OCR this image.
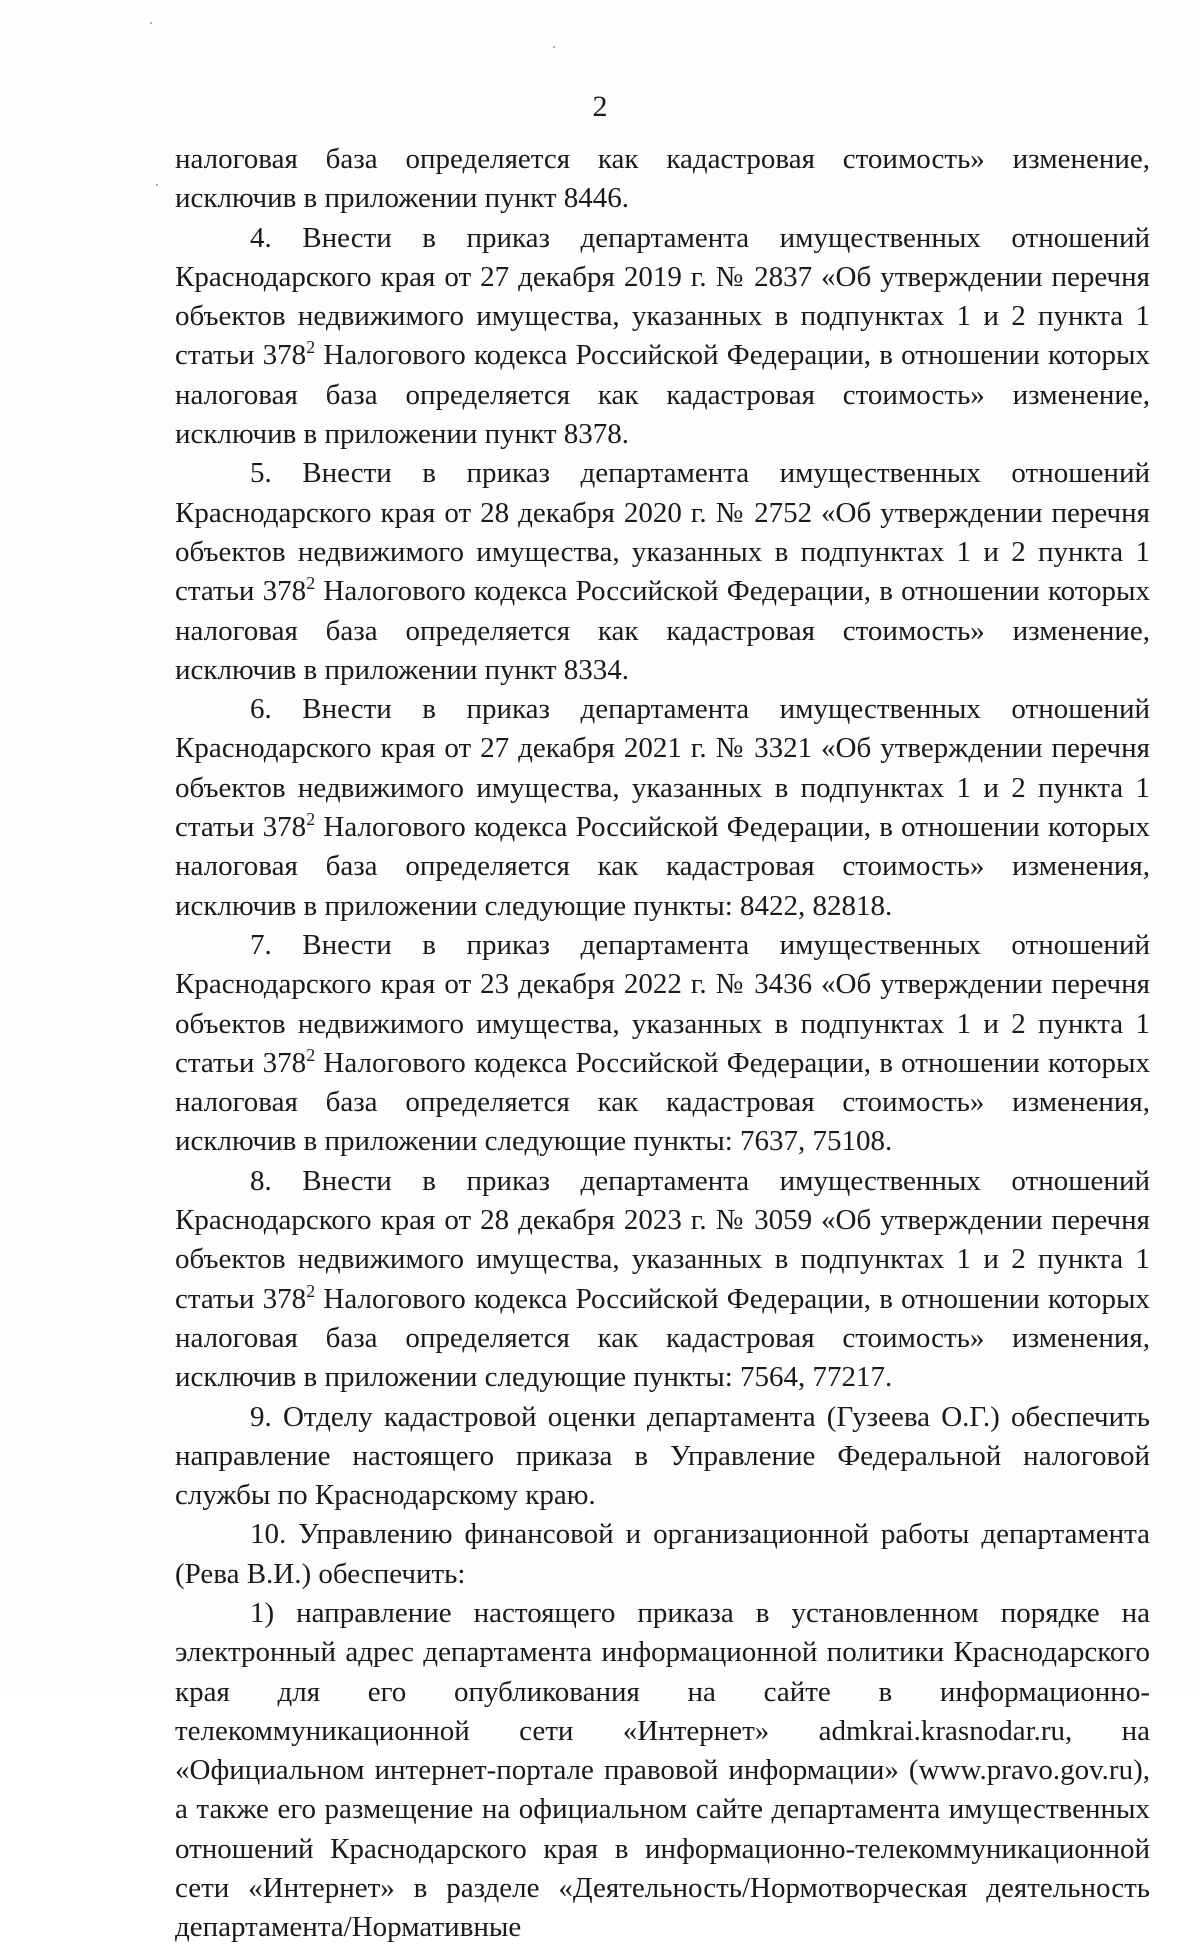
2

налоговая база определяется как кадастровая стоимость» изменение, исключив в приложении пункт 8446.

4. Внести в приказ департамента имущественных отношений Краснодарского края от 27 декабря 2019 г. № 2837 «Об утверждении перечня объектов недвижимого имущества, указанных в подпунктах 1 и 2 пункта 1 статьи $378^2$ Налогового кодекса Российской Федерации, в отношении которых налоговая база определяется как кадастровая стоимость» изменение, исключив в приложении пункт 8378.

5. Внести в приказ департамента имущественных отношений Краснодарского края от 28 декабря 2020 г. № 2752 «Об утверждении перечня объектов недвижимого имущества, указанных в подпунктах 1 и 2 пункта 1 статьи $378^2$ Налогового кодекса Российской Федерации, в отношении которых налоговая база определяется как кадастровая стоимость» изменение, исключив в приложении пункт 8334.

6. Внести в приказ департамента имущественных отношений Краснодарского края от 27 декабря 2021 г. № 3321 «Об утверждении перечня объектов недвижимого имущества, указанных в подпунктах 1 и 2 пункта 1 статьи $378^2$ Налогового кодекса Российской Федерации, в отношении которых налоговая база определяется как кадастровая стоимость» изменения, исключив в приложении следующие пункты: 8422, 82818.

7. Внести в приказ департамента имущественных отношений Краснодарского края от 23 декабря 2022 г. № 3436 «Об утверждении перечня объектов недвижимого имущества, указанных в подпунктах 1 и 2 пункта 1 статьи $378^2$ Налогового кодекса Российской Федерации, в отношении которых налоговая база определяется как кадастровая стоимость» изменения, исключив в приложении следующие пункты: 7637, 75108.

8. Внести в приказ департамента имущественных отношений Краснодарского края от 28 декабря 2023 г. № 3059 «Об утверждении перечня объектов недвижимого имущества, указанных в подпунктах 1 и 2 пункта 1 статьи $378^2$ Налогового кодекса Российской Федерации, в отношении которых налоговая база определяется как кадастровая стоимость» изменения, исключив в приложении следующие пункты: 7564, 77217.

9. Отделу кадастровой оценки департамента (Гузеева О.Г.) обеспечить направление настоящего приказа в Управление Федеральной налоговой службы по Краснодарскому краю.

10. Управлению финансовой и организационной работы департамента (Рева В.И.) обеспечить:

1) направление настоящего приказа в установленном порядке на электронный адрес департамента информационной политики Краснодарского края для его опубликования на сайте в информационно-телекоммуникационной сети «Интернет» admkrai.krasnodar.ru, на «Официальном интернет-портале правовой информации» (www.pravo.gov.ru), а также его размещение на официальном сайте департамента имущественных отношений Краснодарского края в информационно-телекоммуникационной сети «Интернет» в разделе «Деятельность/Нормотворческая деятельность департамента/Нормативные
